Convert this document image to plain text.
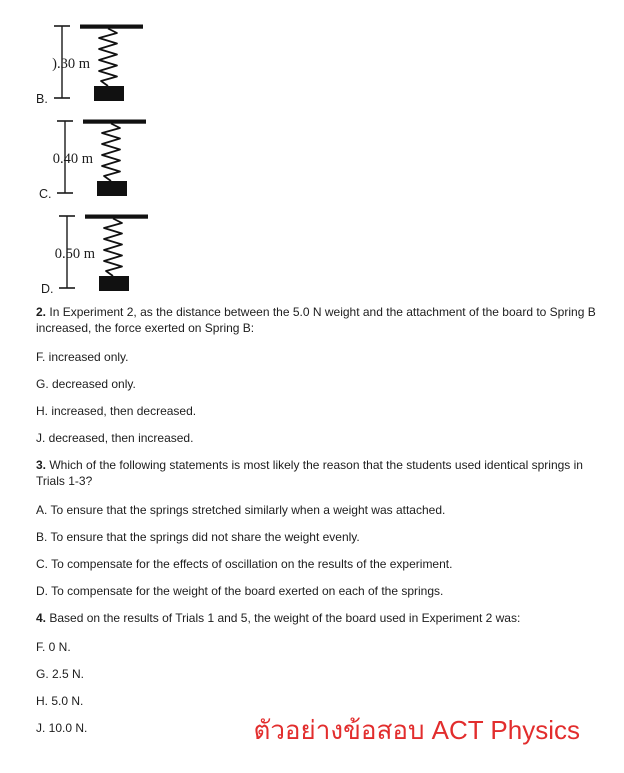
).30 m
B.
0.40 m
C.
0.50 m
D.

2. In Experiment 2, as the distance between the 5.0 N weight and the attachment of the board to Spring B
increased, the force exerted on Spring B:

F. increased only.

G. decreased only.

H. increased, then decreased.

J. decreased, then increased.

3. Which of the following statements is most likely the reason that the students used identical springs in
Trials 1-3?

A. To ensure that the springs stretched similarly when a weight was attached.

B. To ensure that the springs did not share the weight evenly.

C. To compensate for the effects of oscillation on the results of the experiment.

D. To compensate for the weight of the board exerted on each of the springs.

4. Based on the results of Trials 1 and 5, the weight of the board used in Experiment 2 was:

F. 0 N.

G. 2.5 N.

H. 5.0 N.

J. 10.0 N.	ตัวอย่างข้อสอบ ACT Physics
